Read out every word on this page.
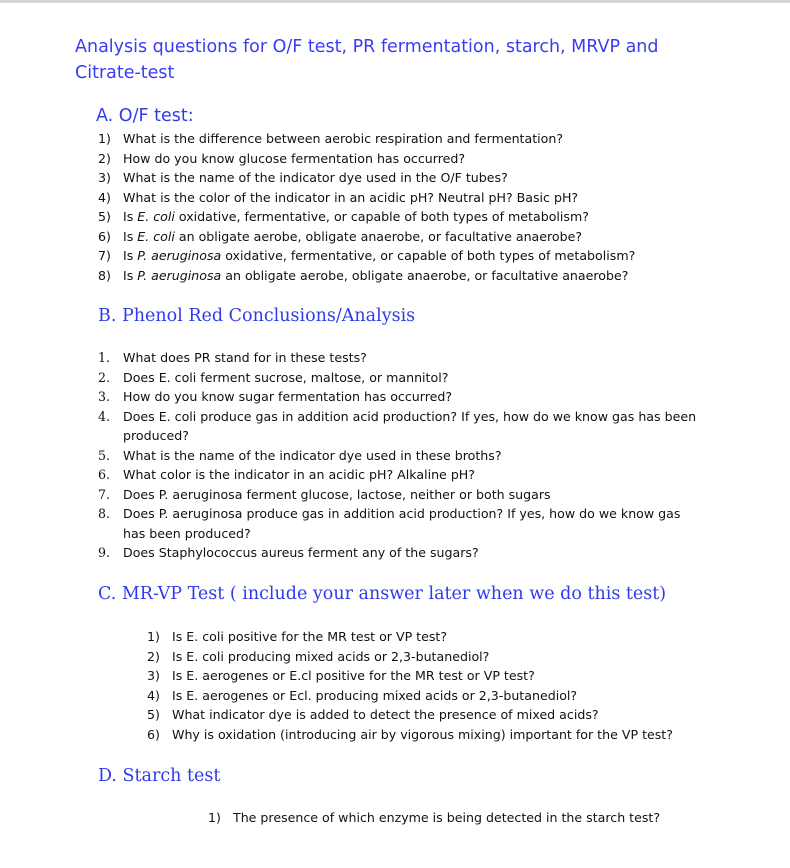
Analysis questions for O/F test, PR fermentation, starch, MRVP and Citrate-test
A. O/F test:
1) What is the difference between aerobic respiration and fermentation?
2) How do you know glucose fermentation has occurred?
3) What is the name of the indicator dye used in the O/F tubes?
4) What is the color of the indicator in an acidic pH? Neutral pH? Basic pH?
5) Is E. coli oxidative, fermentative, or capable of both types of metabolism?
6) Is E. coli an obligate aerobe, obligate anaerobe, or facultative anaerobe?
7) Is P. aeruginosa oxidative, fermentative, or capable of both types of metabolism?
8) Is P. aeruginosa an obligate aerobe, obligate anaerobe, or facultative anaerobe?
B. Phenol Red Conclusions/Analysis
1. What does PR stand for in these tests?
2. Does E. coli ferment sucrose, maltose, or mannitol?
3. How do you know sugar fermentation has occurred?
4. Does E. coli produce gas in addition acid production? If yes, how do we know gas has been produced?
5. What is the name of the indicator dye used in these broths?
6. What color is the indicator in an acidic pH? Alkaline pH?
7. Does P. aeruginosa ferment glucose, lactose, neither or both sugars
8. Does P. aeruginosa produce gas in addition acid production? If yes, how do we know gas has been produced?
9. Does Staphylococcus aureus ferment any of the sugars?
C. MR-VP Test ( include your answer later when we do this test)
1) Is E. coli positive for the MR test or VP test?
2) Is E. coli producing mixed acids or 2,3-butanediol?
3) Is E. aerogenes or E.cl positive for the MR test or VP test?
4) Is E. aerogenes or Ecl. producing mixed acids or 2,3-butanediol?
5) What indicator dye is added to detect the presence of mixed acids?
6) Why is oxidation (introducing air by vigorous mixing) important for the VP test?
D. Starch test
1) The presence of which enzyme is being detected in the starch test?
